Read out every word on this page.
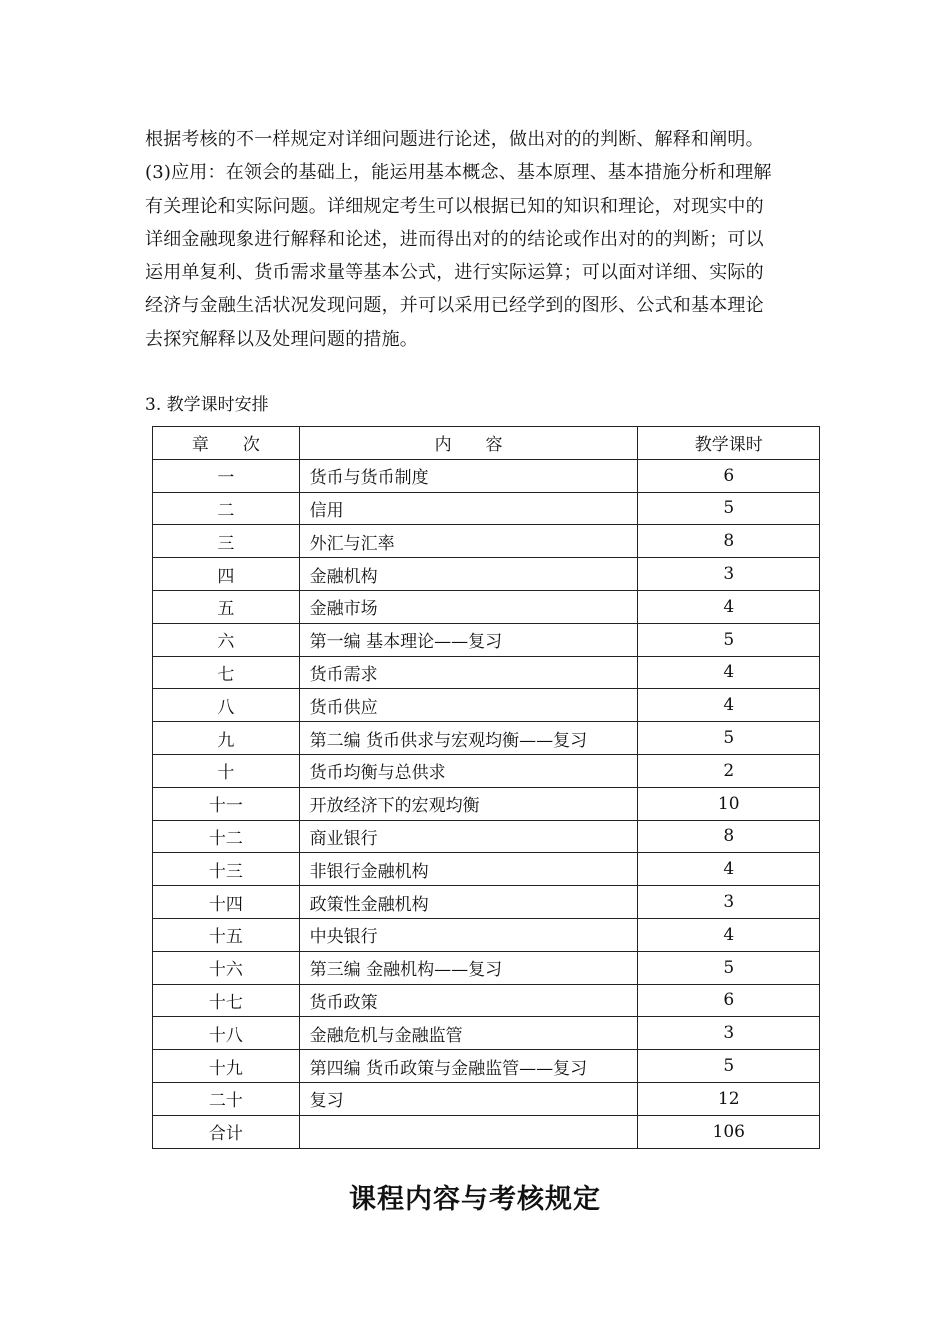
根据考核的不一样规定对详细问题进行论述，做出对的的判断、解释和阐明。
(3)应用：在领会的基础上，能运用基本概念、基本原理、基本措施分析和理解
有关理论和实际问题。详细规定考生可以根据已知的知识和理论，对现实中的
详细金融现象进行解释和论述，进而得出对的的结论或作出对的的判断；可以
运用单复利、货币需求量等基本公式，进行实际运算；可以面对详细、实际的
经济与金融生活状况发现问题，并可以采用已经学到的图形、公式和基本理论
去探究解释以及处理问题的措施。
3. 教学课时安排
章　　次	内　　容	教学课时
一	货币与货币制度	6
二	信用	5
三	外汇与汇率	8
四	金融机构	3
五	金融市场	4
六	第一编 基本理论——复习	5
七	货币需求	4
八	货币供应	4
九	第二编 货币供求与宏观均衡——复习	5
十	货币均衡与总供求	2
十一	开放经济下的宏观均衡	10
十二	商业银行	8
十三	非银行金融机构	4
十四	政策性金融机构	3
十五	中央银行	4
十六	第三编 金融机构——复习	5
十七	货币政策	6
十八	金融危机与金融监管	3
十九	第四编 货币政策与金融监管——复习	5
二十	复习	12
合计		106
课程内容与考核规定
